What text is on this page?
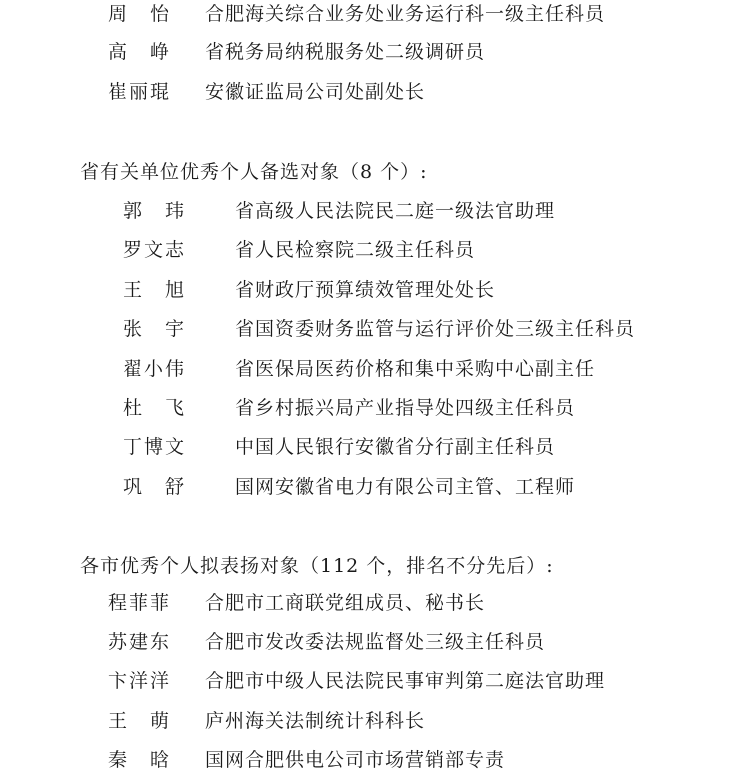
周　怡 合肥海关综合业务处业务运行科一级主任科员
高　峥 省税务局纳税服务处二级调研员
崔丽琨 安徽证监局公司处副处长
省有关单位优秀个人备选对象（8 个）:
郭　玮	省高级人民法院民二庭一级法官助理
罗文志	省人民检察院二级主任科员
王　旭	省财政厅预算绩效管理处处长
张　宇	省国资委财务监管与运行评价处三级主任科员
翟小伟	省医保局医药价格和集中采购中心副主任
杜　飞	省乡村振兴局产业指导处四级主任科员
丁博文	中国人民银行安徽省分行副主任科员
巩　舒	国网安徽省电力有限公司主管、工程师
各市优秀个人拟表扬对象（112 个，排名不分先后）:
程菲菲 合肥市工商联党组成员、秘书长
苏建东 合肥市发改委法规监督处三级主任科员
卞洋洋 合肥市中级人民法院民事审判第二庭法官助理
王　萌 庐州海关法制统计科科长
秦　晗 国网合肥供电公司市场营销部专责
